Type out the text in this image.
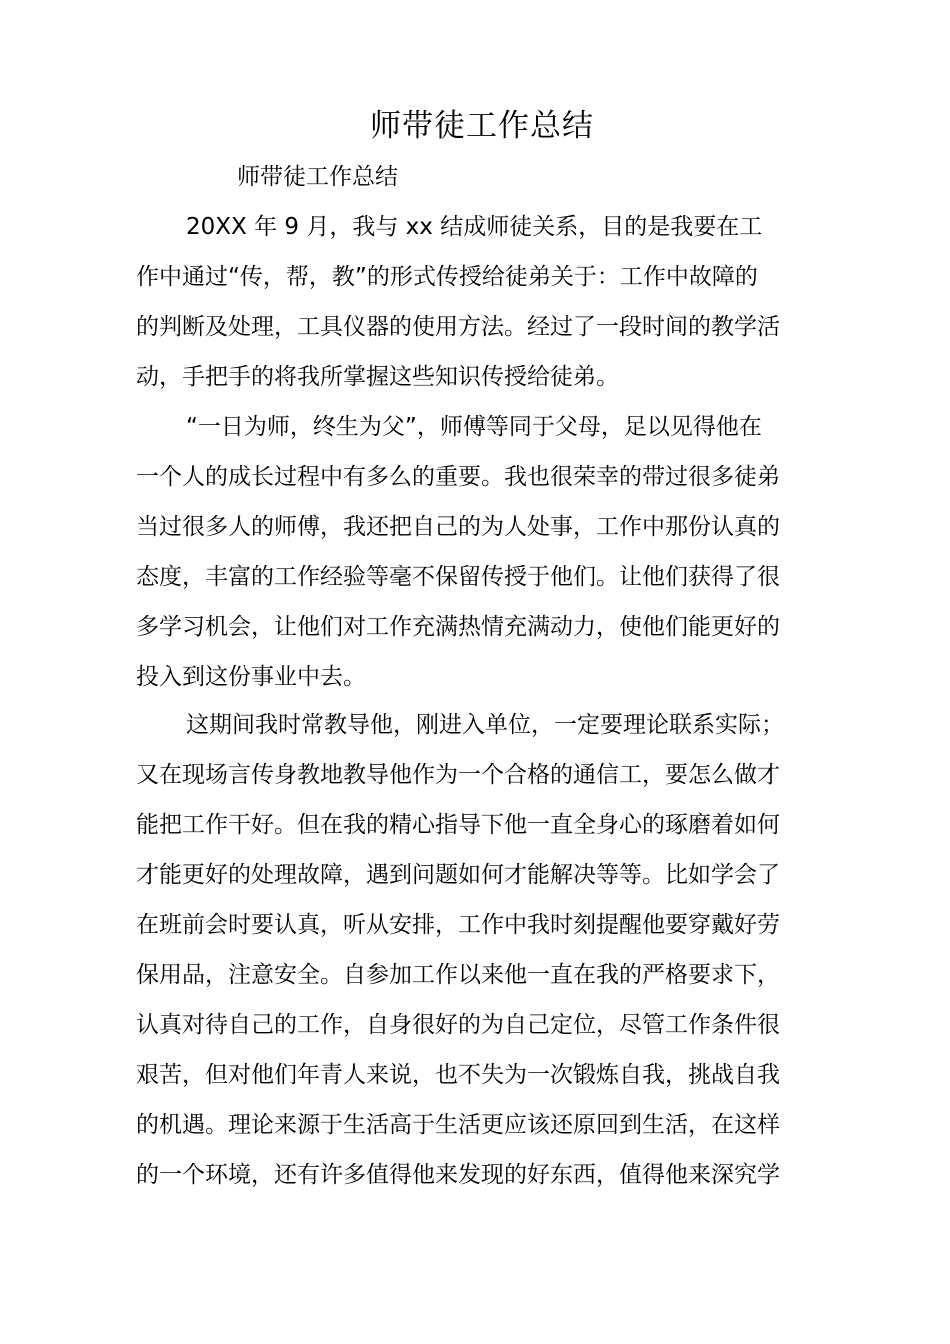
师带徒工作总结
师带徒工作总结
20XX 年 9 月，我与 xx 结成师徒关系，目的是我要在工
作中通过“传，帮，教”的形式传授给徒弟关于：工作中故障的
的判断及处理，工具仪器的使用方法。经过了一段时间的教学活
动，手把手的将我所掌握这些知识传授给徒弟。
“一日为师，终生为父”，师傅等同于父母，足以见得他在
一个人的成长过程中有多么的重要。我也很荣幸的带过很多徒弟
当过很多人的师傅，我还把自己的为人处事，工作中那份认真的
态度，丰富的工作经验等毫不保留传授于他们。让他们获得了很
多学习机会，让他们对工作充满热情充满动力，使他们能更好的
投入到这份事业中去。
这期间我时常教导他，刚进入单位，一定要理论联系实际；
又在现场言传身教地教导他作为一个合格的通信工，要怎么做才
能把工作干好。但在我的精心指导下他一直全身心的琢磨着如何
才能更好的处理故障，遇到问题如何才能解决等等。比如学会了
在班前会时要认真，听从安排，工作中我时刻提醒他要穿戴好劳
保用品，注意安全。自参加工作以来他一直在我的严格要求下，
认真对待自己的工作，自身很好的为自己定位，尽管工作条件很
艰苦，但对他们年青人来说，也不失为一次锻炼自我，挑战自我
的机遇。理论来源于生活高于生活更应该还原回到生活，在这样
的一个环境，还有许多值得他来发现的好东西，值得他来深究学
